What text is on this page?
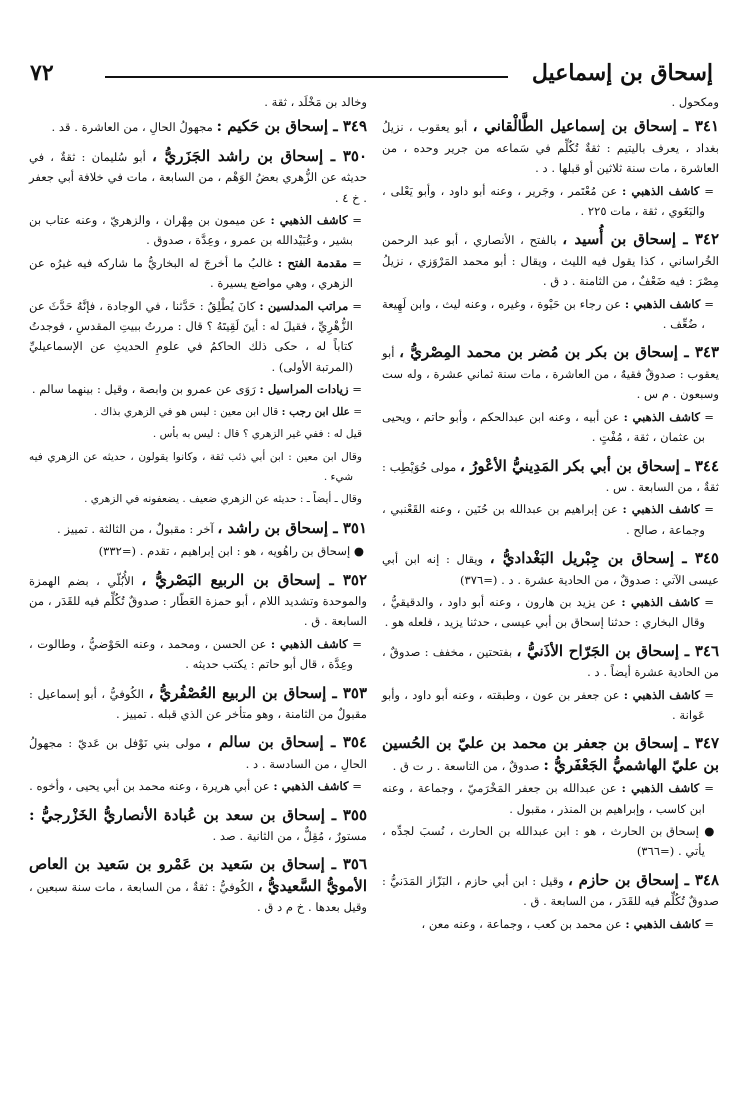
إسحاق بن إسماعيل
٧٢
ومكحول .
٣٤١ ـ إسحاق بن إسماعيل الطَّالْقاني ، أبو يعقوب ، نزيلُ بغداد ، يعرف باليتيم : ثقةٌ تُكُلِّم في سَماعه من جرير وحده ، من العاشرة ، مات سنة ثلاثين أو قبلها . د .
= كاشف الذهبي : عن مُعْتَمر ، وجَرير ، وعنه أبو داود ، وأبو يَعْلى ، والبَغَوي ، ثقة ، مات ٢٢٥ .
٣٤٢ ـ إسحاق بن أُسيد ، بالفتح ، الأنصاري ، أبو عبد الرحمن الخُراساني ، كذا يقول فيه الليث ، ويقال : أبو محمد المَرْوَزي ، نزيلُ مِصْرَ : فيه ضَعْفٌ ، من الثامنة . د ق .
= كاشف الذهبي : عن رجاء بن حَيْوة ، وغيره ، وعنه ليث ، وابن لَهِيعة ، ضُعِّف .
٣٤٣ ـ إسحاق بن بكر بن مُضر بن محمد المِصْريُّ ، أبو يعقوب : صدوقٌ فقيهٌ ، من العاشرة ، مات سنة ثماني عشرة ، وله ست وسبعون . م س .
= كاشف الذهبي : عن أبيه ، وعنه ابن عبدالحكم ، وأبو حاتم ، ويحيى بن عثمان ، ثقة ، مُفْتٍ .
٣٤٤ ـ إسحاق بن أبي بكر المَدِينيُّ الأعْورُ ، مولى حُوَيْطِب : ثقةٌ ، من السابعة . س .
= كاشف الذهبي : عن إبراهيم بن عبدالله بن حُنَين ، وعنه القَعْنبي ، وجماعة ، صالح .
٣٤٥ ـ إسحاق بن جِبْريل البَغْداديُّ ، ويقال : إنه ابن أبي عيسى الآتي : صدوقٌ ، من الحادية عشرة . د . (=٣٧٦)
= كاشف الذهبي : عن يزيد بن هارون ، وعنه أبو داود ، والدقيقيُّ ، وقال البخاري : حدثنا إسحاق بن أبي عيسى ، حدثنا يزيد ، فلعله هو .
٣٤٦ ـ إسحاق بن الجَرّاح الأذَنيُّ ، بفتحتين ، مخفف : صدوقٌ ، من الحادية عشرة أيضاً . د .
= كاشف الذهبي : عن جعفر بن عون ، وطبقته ، وعنه أبو داود ، وأبو عَوانة .
٣٤٧ ـ إسحاق بن جعفر بن محمد بن عليّ بن الحُسين بن عليّ الهاشميُّ الجَعْفَريُّ : صدوقٌ ، من التاسعة . ر ت ق .
= كاشف الذهبي : عن عبدالله بن جعفر المَخْرَميّ ، وجماعة ، وعنه ابن كاسب ، وإبراهيم بن المنذر ، مقبول .
● إسحاق بن الحارث ، هو : ابن عبدالله بن الحارث ، نُسبَ لجدِّه ، يأتي . (=٣٦٦)
٣٤٨ ـ إسحاق بن حازم ، وقيل : ابن أبي حازم ، البَزّاز المَدَنيُّ : صدوقٌ تُكُلِّم فيه للقَدَر ، من السابعة . ق .
= كاشف الذهبي : عن محمد بن كعب ، وجماعة ، وعنه معن ،
وخالد بن مَخْلَد ، ثقة .
٣٤٩ ـ إسحاق بن حَكيم : مجهولُ الحالِ ، من العاشرة . قد .
٣٥٠ ـ إسحاق بن راشد الجَزَريُّ ، أبو سُليمان : ثقةٌ ، في حديثه عن الزُّهري بعضُ الوَهْم ، من السابعة ، مات في خلافة أبي جعفر . خ ٤ .
= كاشف الذهبي : عن ميمون بن مِهْران ، والزهريّ ، وعنه عتاب بن بشير ، وعُبَيْدالله بن عمرو ، وعِدَّة ، صدوق .
= مقدمة الفتح : غالبُ ما أخرجَ له البخاريُّ ما شاركه فيه غيرُه عن الزهري ، وهي مواضع يسيرة .
= مراتب المدلسين : كانَ يُطْلِقُ : حَدَّثنا ، في الوجادة ، فإنَّهُ حَدَّثَ عن الزُّهْرِيِّ ، فقيلَ له : أينَ لَقِيتَهُ ؟ قال : مررتُ ببيتِ المقدسِ ، فوجدتُ كتاباً له ، حكى ذلك الحاكمُ في علومِ الحديثِ عن الإسماعيليِّ (المرتبة الأولى) .
= زيادات المراسيل : رَوَى عن عمرو بن وابصة ، وقيل : بينهما سالم .
= علل ابن رجب : قال ابن معين : ليس هو في الزهري بذاك .
قيل له : ففي غير الزهري ؟ قال : ليس به بأس .
وقال ابن معين : ابن أبي ذئب ثقة ، وكانوا يقولون ، حديثه عن الزهري فيه شيء .
وقال ـ أيضاً ـ : حديثه عن الزهري ضعيف . يضعفونه في الزهري .
٣٥١ ـ إسحاق بن راشد ، آخر : مقبولٌ ، من الثالثة . تمييز .
● إسحاق بن راهُويه ، هو : ابن إبراهيم ، تقدم . (=٣٣٢)
٣٥٢ ـ إسحاق بن الربيع البَصْريُّ ، الأُبُلّي ، بضم الهمزة والموحدة وتشديد اللام ، أبو حمزة العَطّار : صدوقٌ تُكُلِّم فيه للقَدَر ، من السابعة . ق .
= كاشف الذهبي : عن الحسن ، ومحمد ، وعنه الحَوْضيُّ ، وطالوت ، وعِدَّة ، قال أبو حاتم : يكتب حديثه .
٣٥٣ ـ إسحاق بن الربيع العُصْفُريُّ ، الكُوفيُّ ، أبو إسماعيل : مقبولٌ من الثامنة ، وهو متأخر عن الذي قبله . تمييز .
٣٥٤ ـ إسحاق بن سالم ، مولى بني نَوْفل بن عَديّ : مجهولُ الحالِ ، من السادسة . د .
= كاشف الذهبي : عن أبي هريرة ، وعنه محمد بن أبي يحيى ، وأخوه .
٣٥٥ ـ إسحاق بن سعد بن عُبادة الأنصاريُّ الخَزْرجيُّ : مستورٌ ، مُقِلٌّ ، من الثانية . صد .
٣٥٦ ـ إسحاق بن سَعيد بن عَمْرو بن سَعيد بن العاص الأمويُّ السَّعيديُّ ، الكُوفيُّ : ثقةٌ ، من السابعة ، مات سنة سبعين ، وقيل بعدها . خ م د ق .
